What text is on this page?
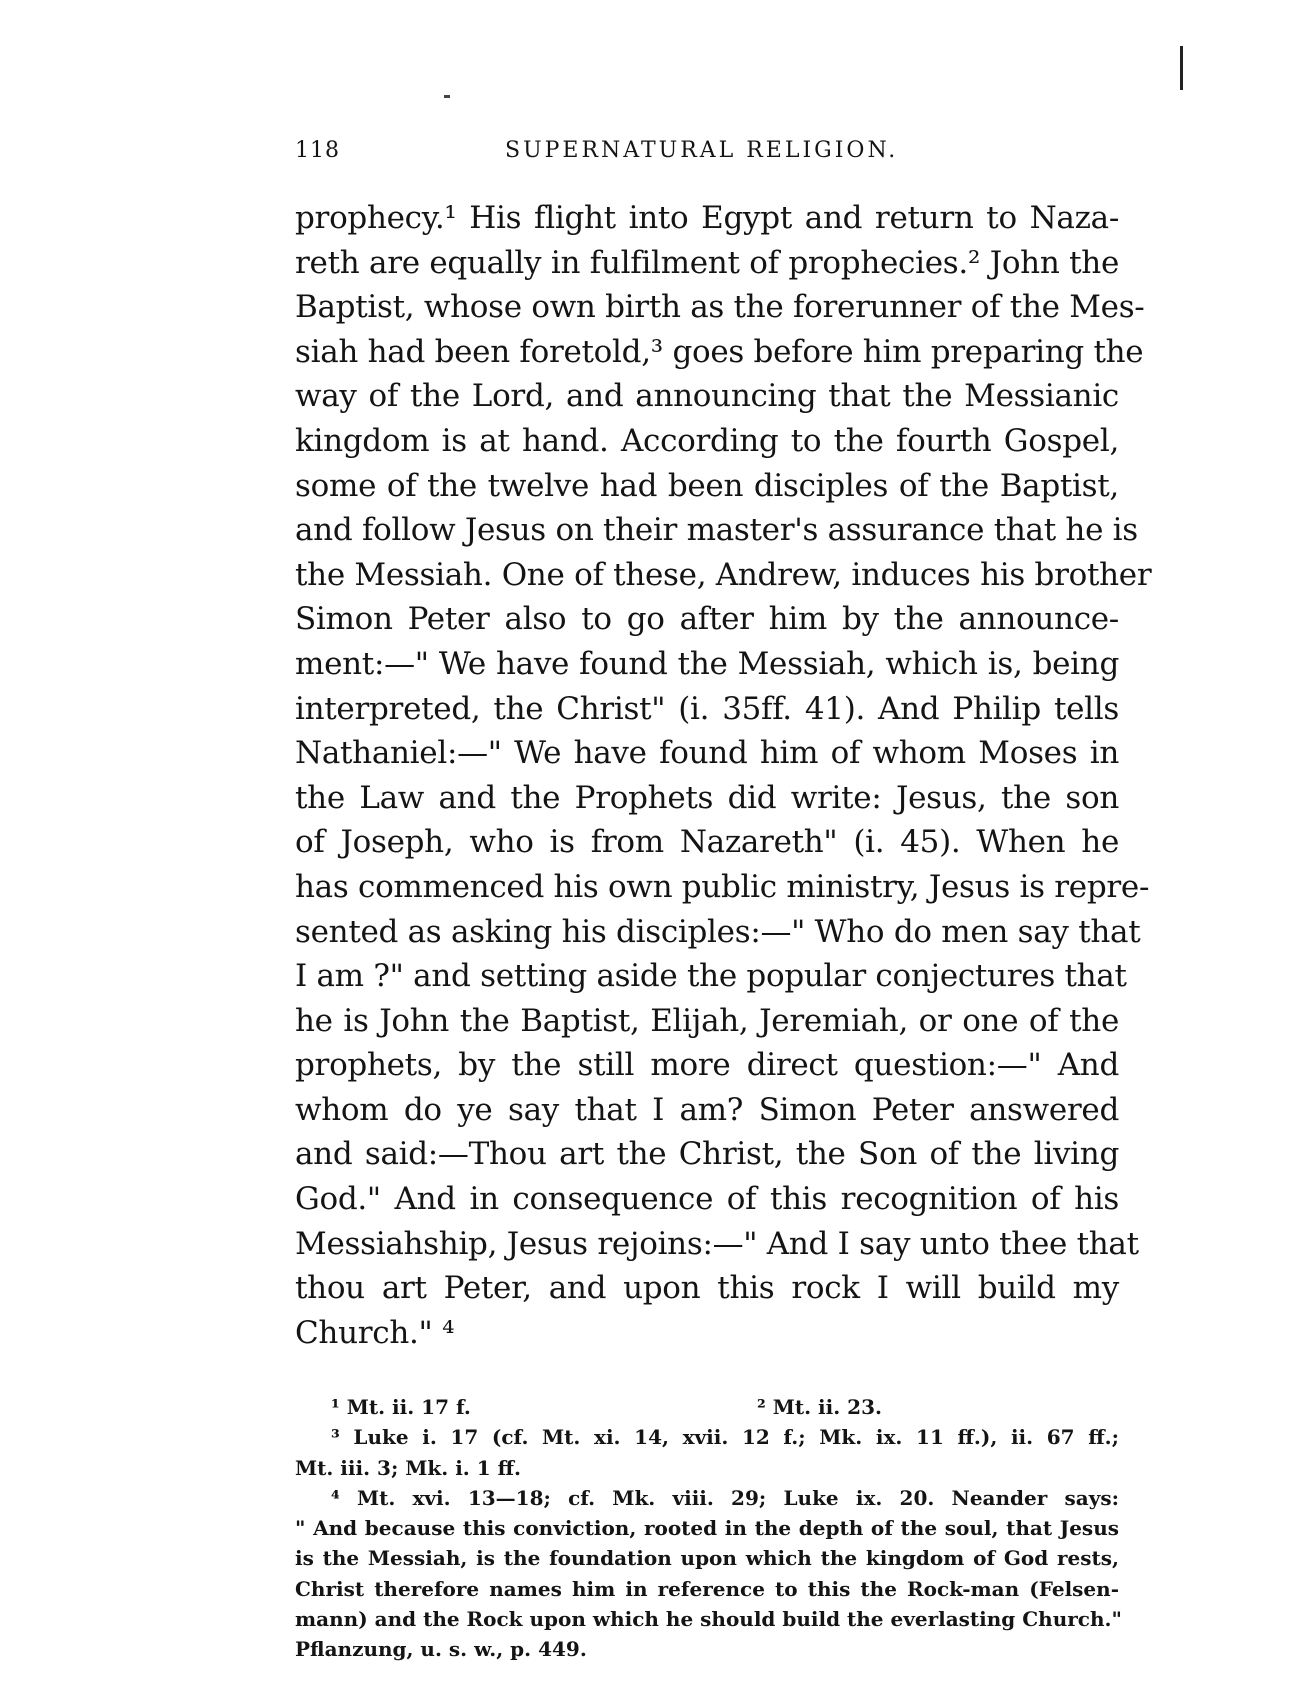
118	SUPERNATURAL RELIGION.
prophecy.¹ His flight into Egypt and return to Naza-
reth are equally in fulfilment of prophecies.² John the
Baptist, whose own birth as the forerunner of the Mes-
siah had been foretold,³ goes before him preparing the
way of the Lord, and announcing that the Messianic
kingdom is at hand. According to the fourth Gospel,
some of the twelve had been disciples of the Baptist,
and follow Jesus on their master's assurance that he is
the Messiah. One of these, Andrew, induces his brother
Simon Peter also to go after him by the announce-
ment:—" We have found the Messiah, which is, being
interpreted, the Christ" (i. 35ff. 41). And Philip tells
Nathaniel:—" We have found him of whom Moses in
the Law and the Prophets did write: Jesus, the son
of Joseph, who is from Nazareth" (i. 45). When he
has commenced his own public ministry, Jesus is repre-
sented as asking his disciples:—" Who do men say that
I am ?" and setting aside the popular conjectures that
he is John the Baptist, Elijah, Jeremiah, or one of the
prophets, by the still more direct question:—" And
whom do ye say that I am? Simon Peter answered
and said:—Thou art the Christ, the Son of the living
God." And in consequence of this recognition of his
Messiahship, Jesus rejoins:—" And I say unto thee that
thou art Peter, and upon this rock I will build my
Church." ⁴
¹ Mt. ii. 17 f.	² Mt. ii. 23.
³ Luke i. 17 (cf. Mt. xi. 14, xvii. 12 f.; Mk. ix. 11 ff.), ii. 67 ff.;
Mt. iii. 3; Mk. i. 1 ff.
⁴ Mt. xvi. 13—18; cf. Mk. viii. 29; Luke ix. 20. Neander says:
" And because this conviction, rooted in the depth of the soul, that Jesus
is the Messiah, is the foundation upon which the kingdom of God rests,
Christ therefore names him in reference to this the Rock-man (Felsen-
mann) and the Rock upon which he should build the everlasting Church."
Pflanzung, u. s. w., p. 449.
